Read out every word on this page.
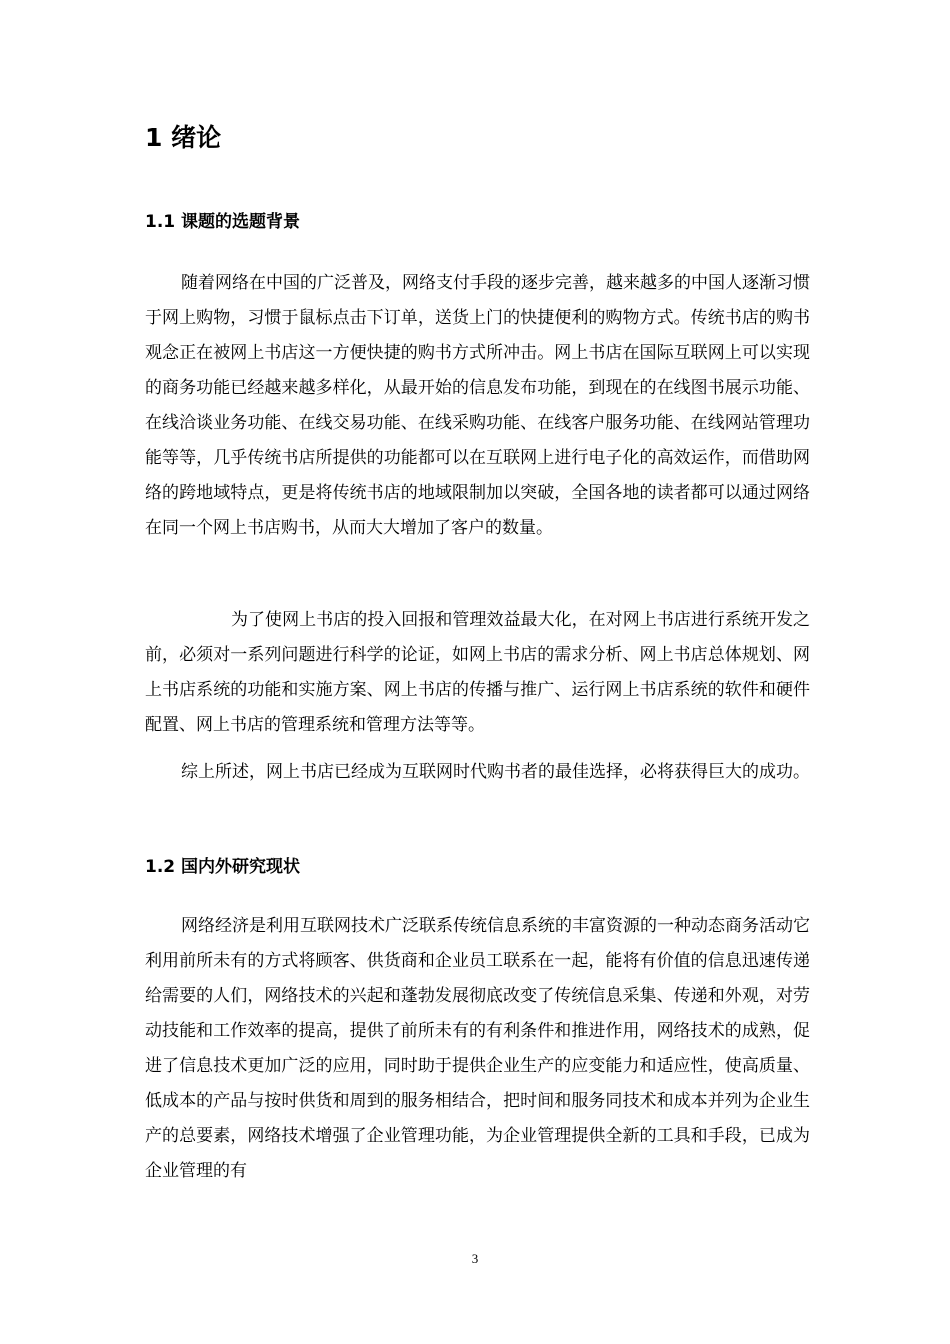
1 绪论
1.1 课题的选题背景

随着网络在中国的广泛普及，网络支付手段的逐步完善，越来越多的中国人逐渐习惯于网上购物，习惯于鼠标点击下订单，送货上门的快捷便利的购物方式。传统书店的购书观念正在被网上书店这一方便快捷的购书方式所冲击。网上书店在国际互联网上可以实现的商务功能已经越来越多样化，从最开始的信息发布功能，到现在的在线图书展示功能、在线洽谈业务功能、在线交易功能、在线采购功能、在线客户服务功能、在线网站管理功能等等，几乎传统书店所提供的功能都可以在互联网上进行电子化的高效运作，而借助网络的跨地域特点，更是将传统书店的地域限制加以突破，全国各地的读者都可以通过网络在同一个网上书店购书，从而大大增加了客户的数量。

为了使网上书店的投入回报和管理效益最大化，在对网上书店进行系统开发之前，必须对一系列问题进行科学的论证，如网上书店的需求分析、网上书店总体规划、网上书店系统的功能和实施方案、网上书店的传播与推广、运行网上书店系统的软件和硬件配置、网上书店的管理系统和管理方法等等。

综上所述，网上书店已经成为互联网时代购书者的最佳选择，必将获得巨大的成功。

1.2 国内外研究现状

网络经济是利用互联网技术广泛联系传统信息系统的丰富资源的一种动态商务活动它利用前所未有的方式将顾客、供货商和企业员工联系在一起，能将有价值的信息迅速传递给需要的人们，网络技术的兴起和蓬勃发展彻底改变了传统信息采集、传递和外观，对劳动技能和工作效率的提高，提供了前所未有的有利条件和推进作用，网络技术的成熟，促进了信息技术更加广泛的应用，同时助于提供企业生产的应变能力和适应性，使高质量、低成本的产品与按时供货和周到的服务相结合，把时间和服务同技术和成本并列为企业生产的总要素，网络技术增强了企业管理功能，为企业管理提供全新的工具和手段，已成为企业管理的有

3
